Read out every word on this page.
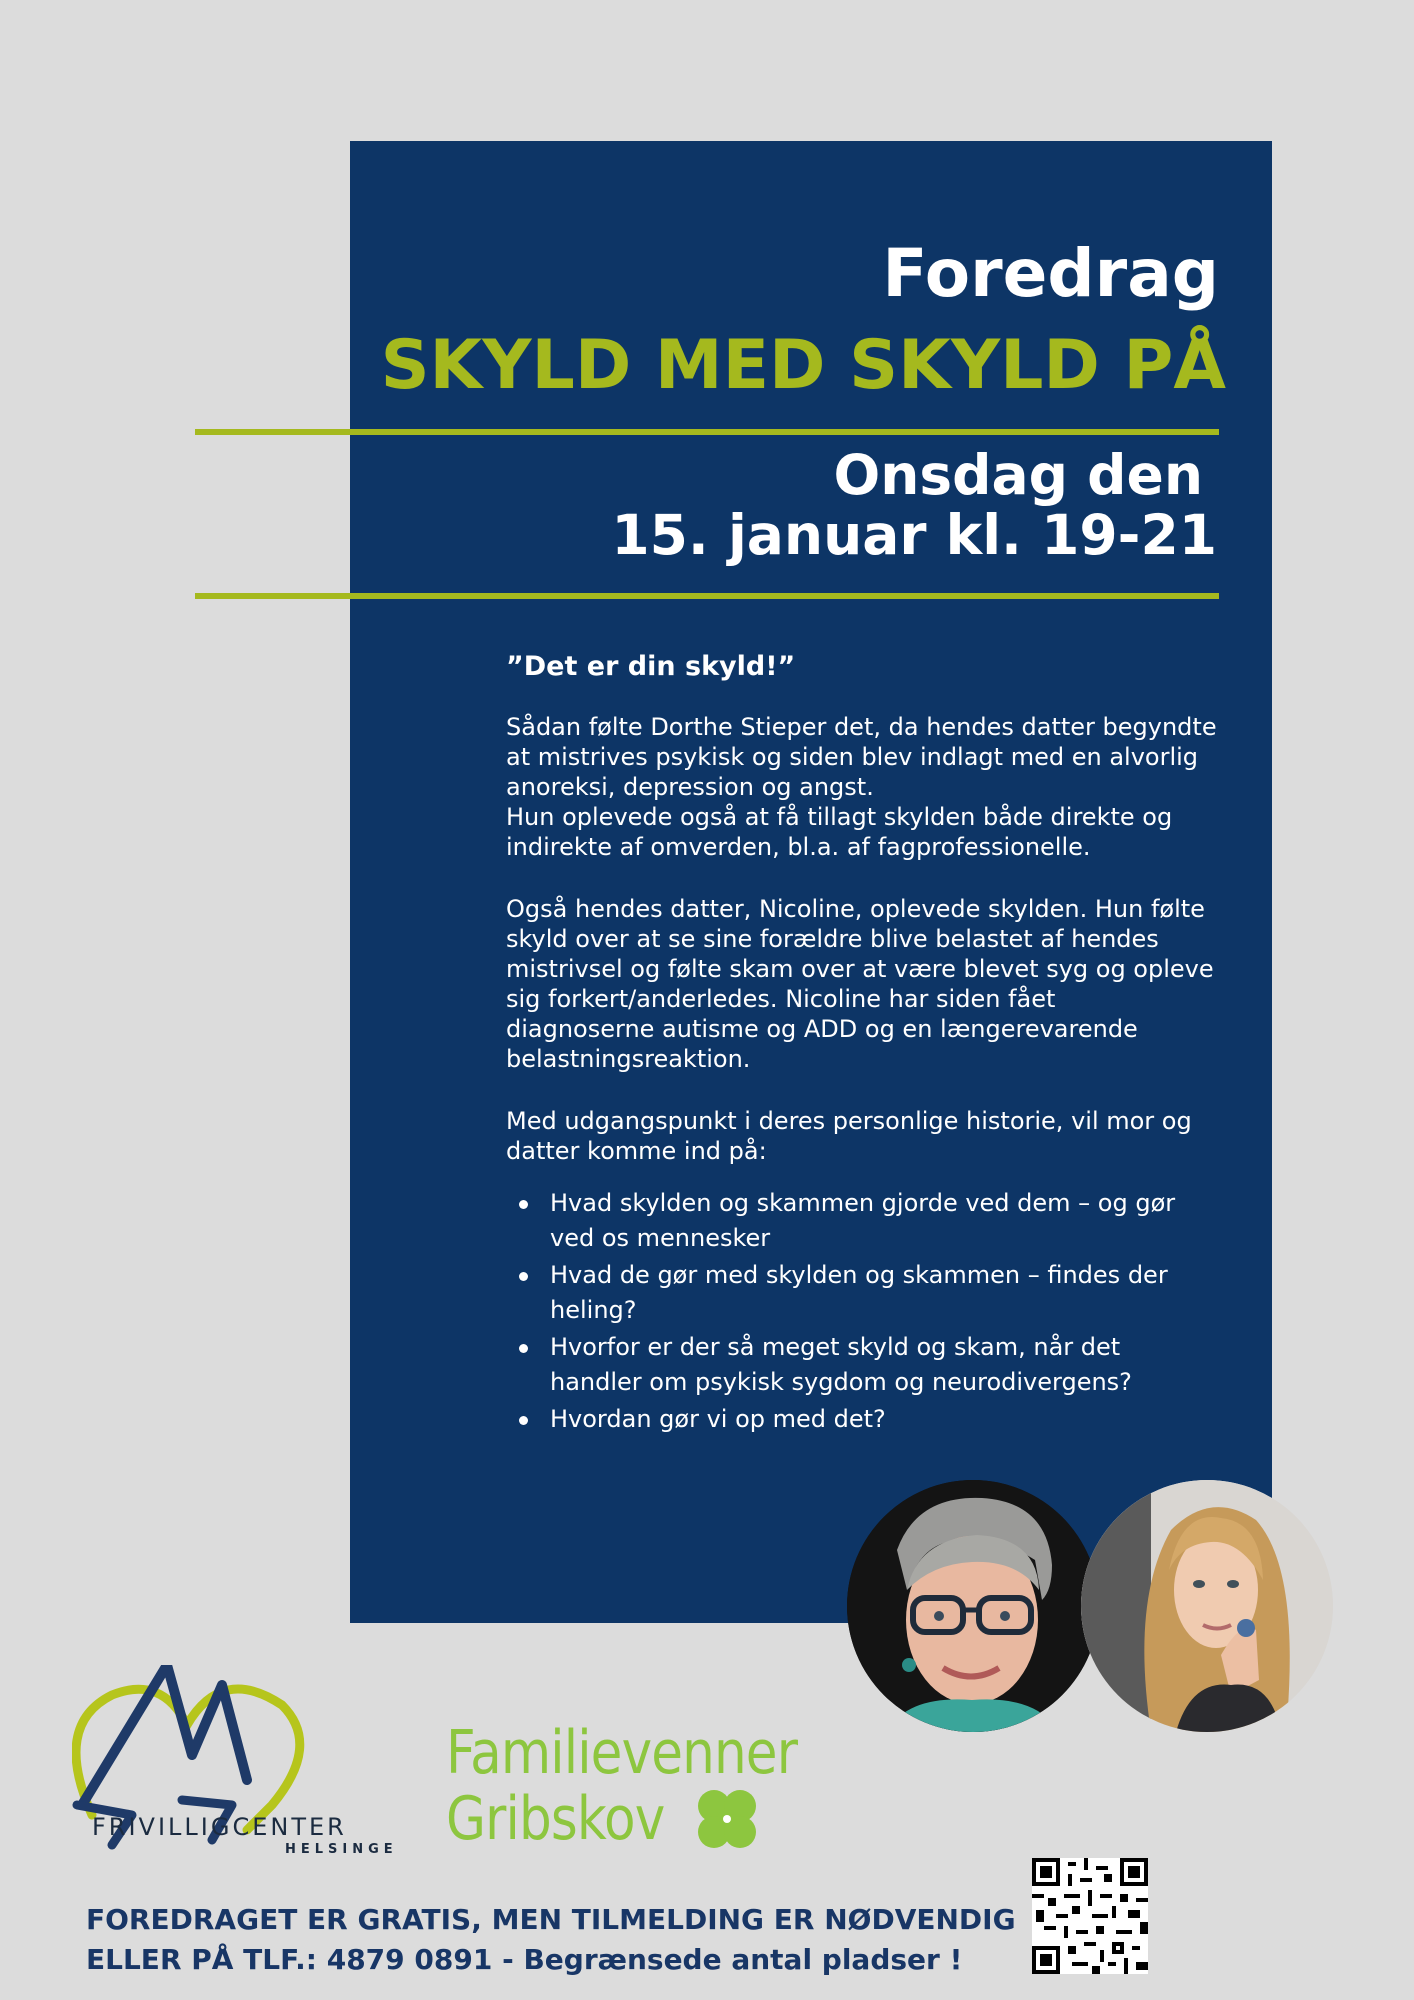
Foredrag
SKYLD MED SKYLD PÅ
Onsdag den
15. januar kl. 19-21
”Det er din skyld!”
Sådan følte Dorthe Stieper det, da hendes datter begyndte
at mistrives psykisk og siden blev indlagt med en alvorlig
anoreksi, depression og angst.
Hun oplevede også at få tillagt skylden både direkte og
indirekte af omverden, bl.a. af fagprofessionelle.
Også hendes datter, Nicoline, oplevede skylden. Hun følte
skyld over at se sine forældre blive belastet af hendes
mistrivsel og følte skam over at være blevet syg og opleve
sig forkert/anderledes. Nicoline har siden fået
diagnoserne autisme og ADD og en længerevarende
belastningsreaktion.
Med udgangspunkt i deres personlige historie, vil mor og
datter komme ind på:
Hvad skylden og skammen gjorde ved dem – og gør
ved os mennesker
Hvad de gør med skylden og skammen – findes der
heling?
Hvorfor er der så meget skyld og skam, når det
handler om psykisk sygdom og neurodivergens?
Hvordan gør vi op med det?
FRIVILLIGCENTER
HELSINGE
Familievenner
Gribskov
FOREDRAGET ER GRATIS, MEN TILMELDING ER NØDVENDIG
ELLER PÅ TLF.: 4879 0891 - Begrænsede antal pladser !
